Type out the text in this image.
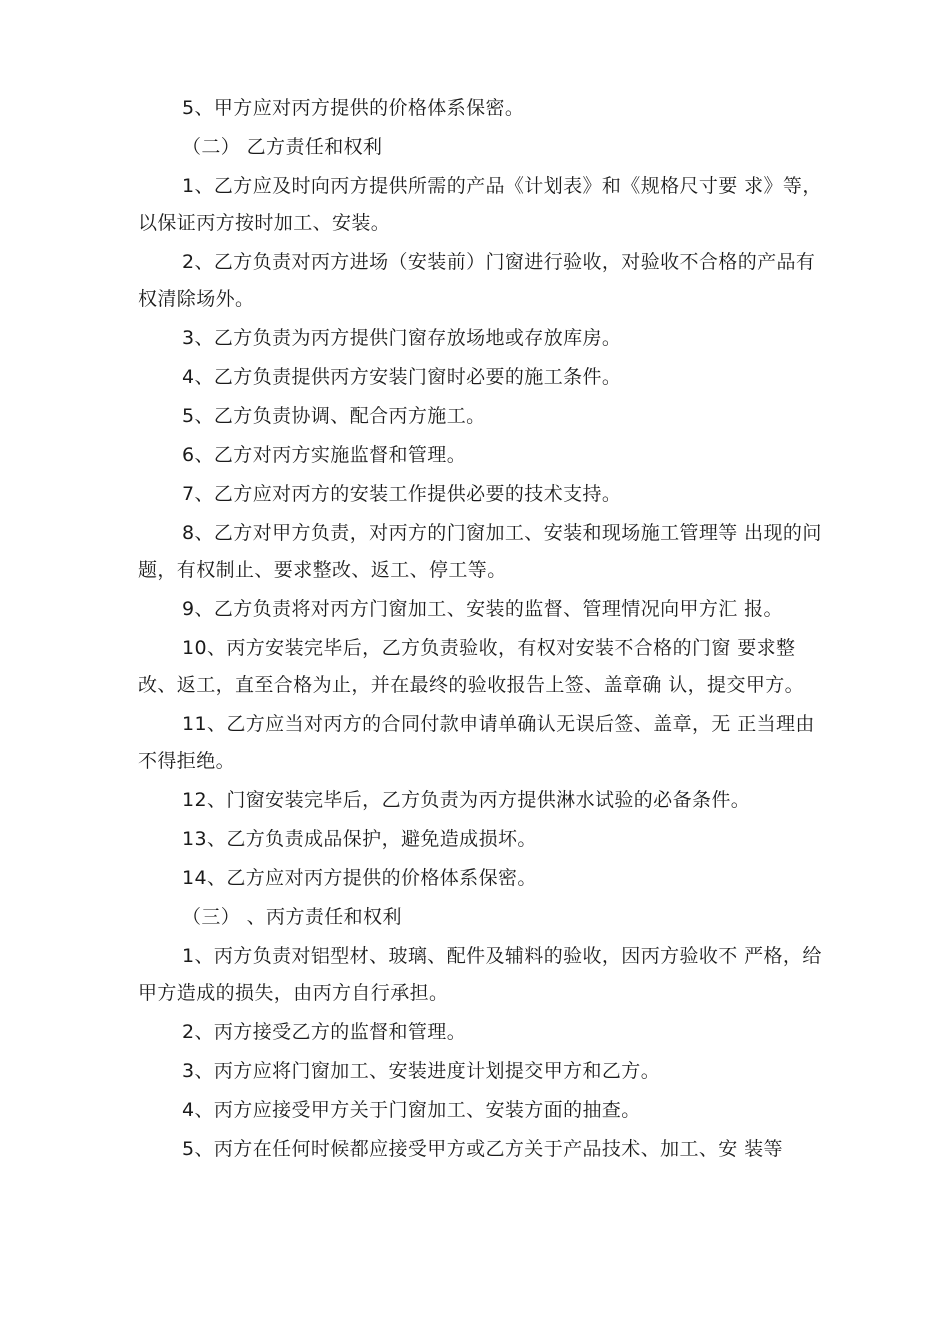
5、甲方应对丙方提供的价格体系保密。

（二） 乙方责任和权利

1、乙方应及时向丙方提供所需的产品《计划表》和《规格尺寸要 求》等，以保证丙方按时加工、安装。

2、乙方负责对丙方进场（安装前）门窗进行验收，对验收不合格的产品有权清除场外。

3、乙方负责为丙方提供门窗存放场地或存放库房。

4、乙方负责提供丙方安装门窗时必要的施工条件。

5、乙方负责协调、配合丙方施工。

6、乙方对丙方实施监督和管理。

7、乙方应对丙方的安装工作提供必要的技术支持。

8、乙方对甲方负责，对丙方的门窗加工、安装和现场施工管理等 出现的问题，有权制止、要求整改、返工、停工等。

9、乙方负责将对丙方门窗加工、安装的监督、管理情况向甲方汇 报。

10、丙方安装完毕后，乙方负责验收，有权对安装不合格的门窗 要求整改、返工，直至合格为止，并在最终的验收报告上签、盖章确 认，提交甲方。

11、乙方应当对丙方的合同付款申请单确认无误后签、盖章，无 正当理由不得拒绝。

12、门窗安装完毕后，乙方负责为丙方提供淋水试验的必备条件。

13、乙方负责成品保护，避免造成损坏。

14、乙方应对丙方提供的价格体系保密。

（三） 、丙方责任和权利

1、丙方负责对铝型材、玻璃、配件及辅料的验收，因丙方验收不 严格，给甲方造成的损失，由丙方自行承担。

2、丙方接受乙方的监督和管理。

3、丙方应将门窗加工、安装进度计划提交甲方和乙方。

4、丙方应接受甲方关于门窗加工、安装方面的抽查。

5、丙方在任何时候都应接受甲方或乙方关于产品技术、加工、安 装等
